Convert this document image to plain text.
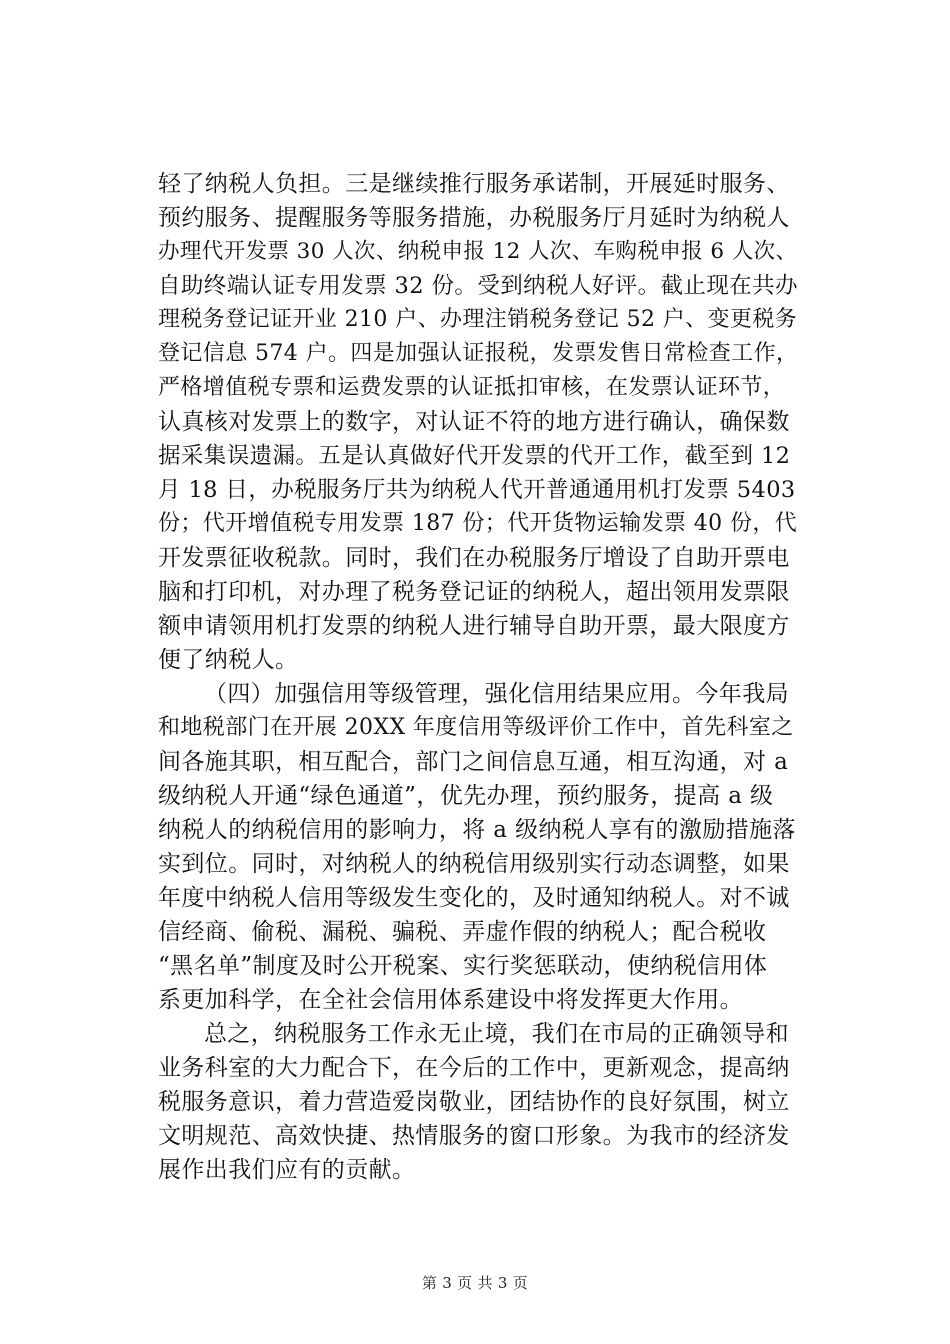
轻了纳税人负担。三是继续推行服务承诺制，开展延时服务、
预约服务、提醒服务等服务措施，办税服务厅月延时为纳税人
办理代开发票 30 人次、纳税申报 12 人次、车购税申报 6 人次、
自助终端认证专用发票 32 份。受到纳税人好评。截止现在共办
理税务登记证开业 210 户、办理注销税务登记 52 户、变更税务
登记信息 574 户。四是加强认证报税，发票发售日常检查工作，
严格增值税专票和运费发票的认证抵扣审核，在发票认证环节，
认真核对发票上的数字，对认证不符的地方进行确认，确保数
据采集误遗漏。五是认真做好代开发票的代开工作，截至到 12
月 18 日，办税服务厅共为纳税人代开普通通用机打发票 5403
份；代开增值税专用发票 187 份；代开货物运输发票 40 份，代
开发票征收税款。同时，我们在办税服务厅增设了自助开票电
脑和打印机，对办理了税务登记证的纳税人，超出领用发票限
额申请领用机打发票的纳税人进行辅导自助开票，最大限度方
便了纳税人。
（四）加强信用等级管理，强化信用结果应用。今年我局
和地税部门在开展 20XX 年度信用等级评价工作中，首先科室之
间各施其职，相互配合，部门之间信息互通，相互沟通，对 a
级纳税人开通“绿色通道”，优先办理，预约服务，提高 a 级
纳税人的纳税信用的影响力，将 a 级纳税人享有的激励措施落
实到位。同时，对纳税人的纳税信用级别实行动态调整，如果
年度中纳税人信用等级发生变化的，及时通知纳税人。对不诚
信经商、偷税、漏税、骗税、弄虚作假的纳税人；配合税收
“黑名单”制度及时公开税案、实行奖惩联动，使纳税信用体
系更加科学，在全社会信用体系建设中将发挥更大作用。
总之，纳税服务工作永无止境，我们在市局的正确领导和
业务科室的大力配合下，在今后的工作中，更新观念，提高纳
税服务意识，着力营造爱岗敬业，团结协作的良好氛围，树立
文明规范、高效快捷、热情服务的窗口形象。为我市的经济发
展作出我们应有的贡献。
第 3 页 共 3 页
